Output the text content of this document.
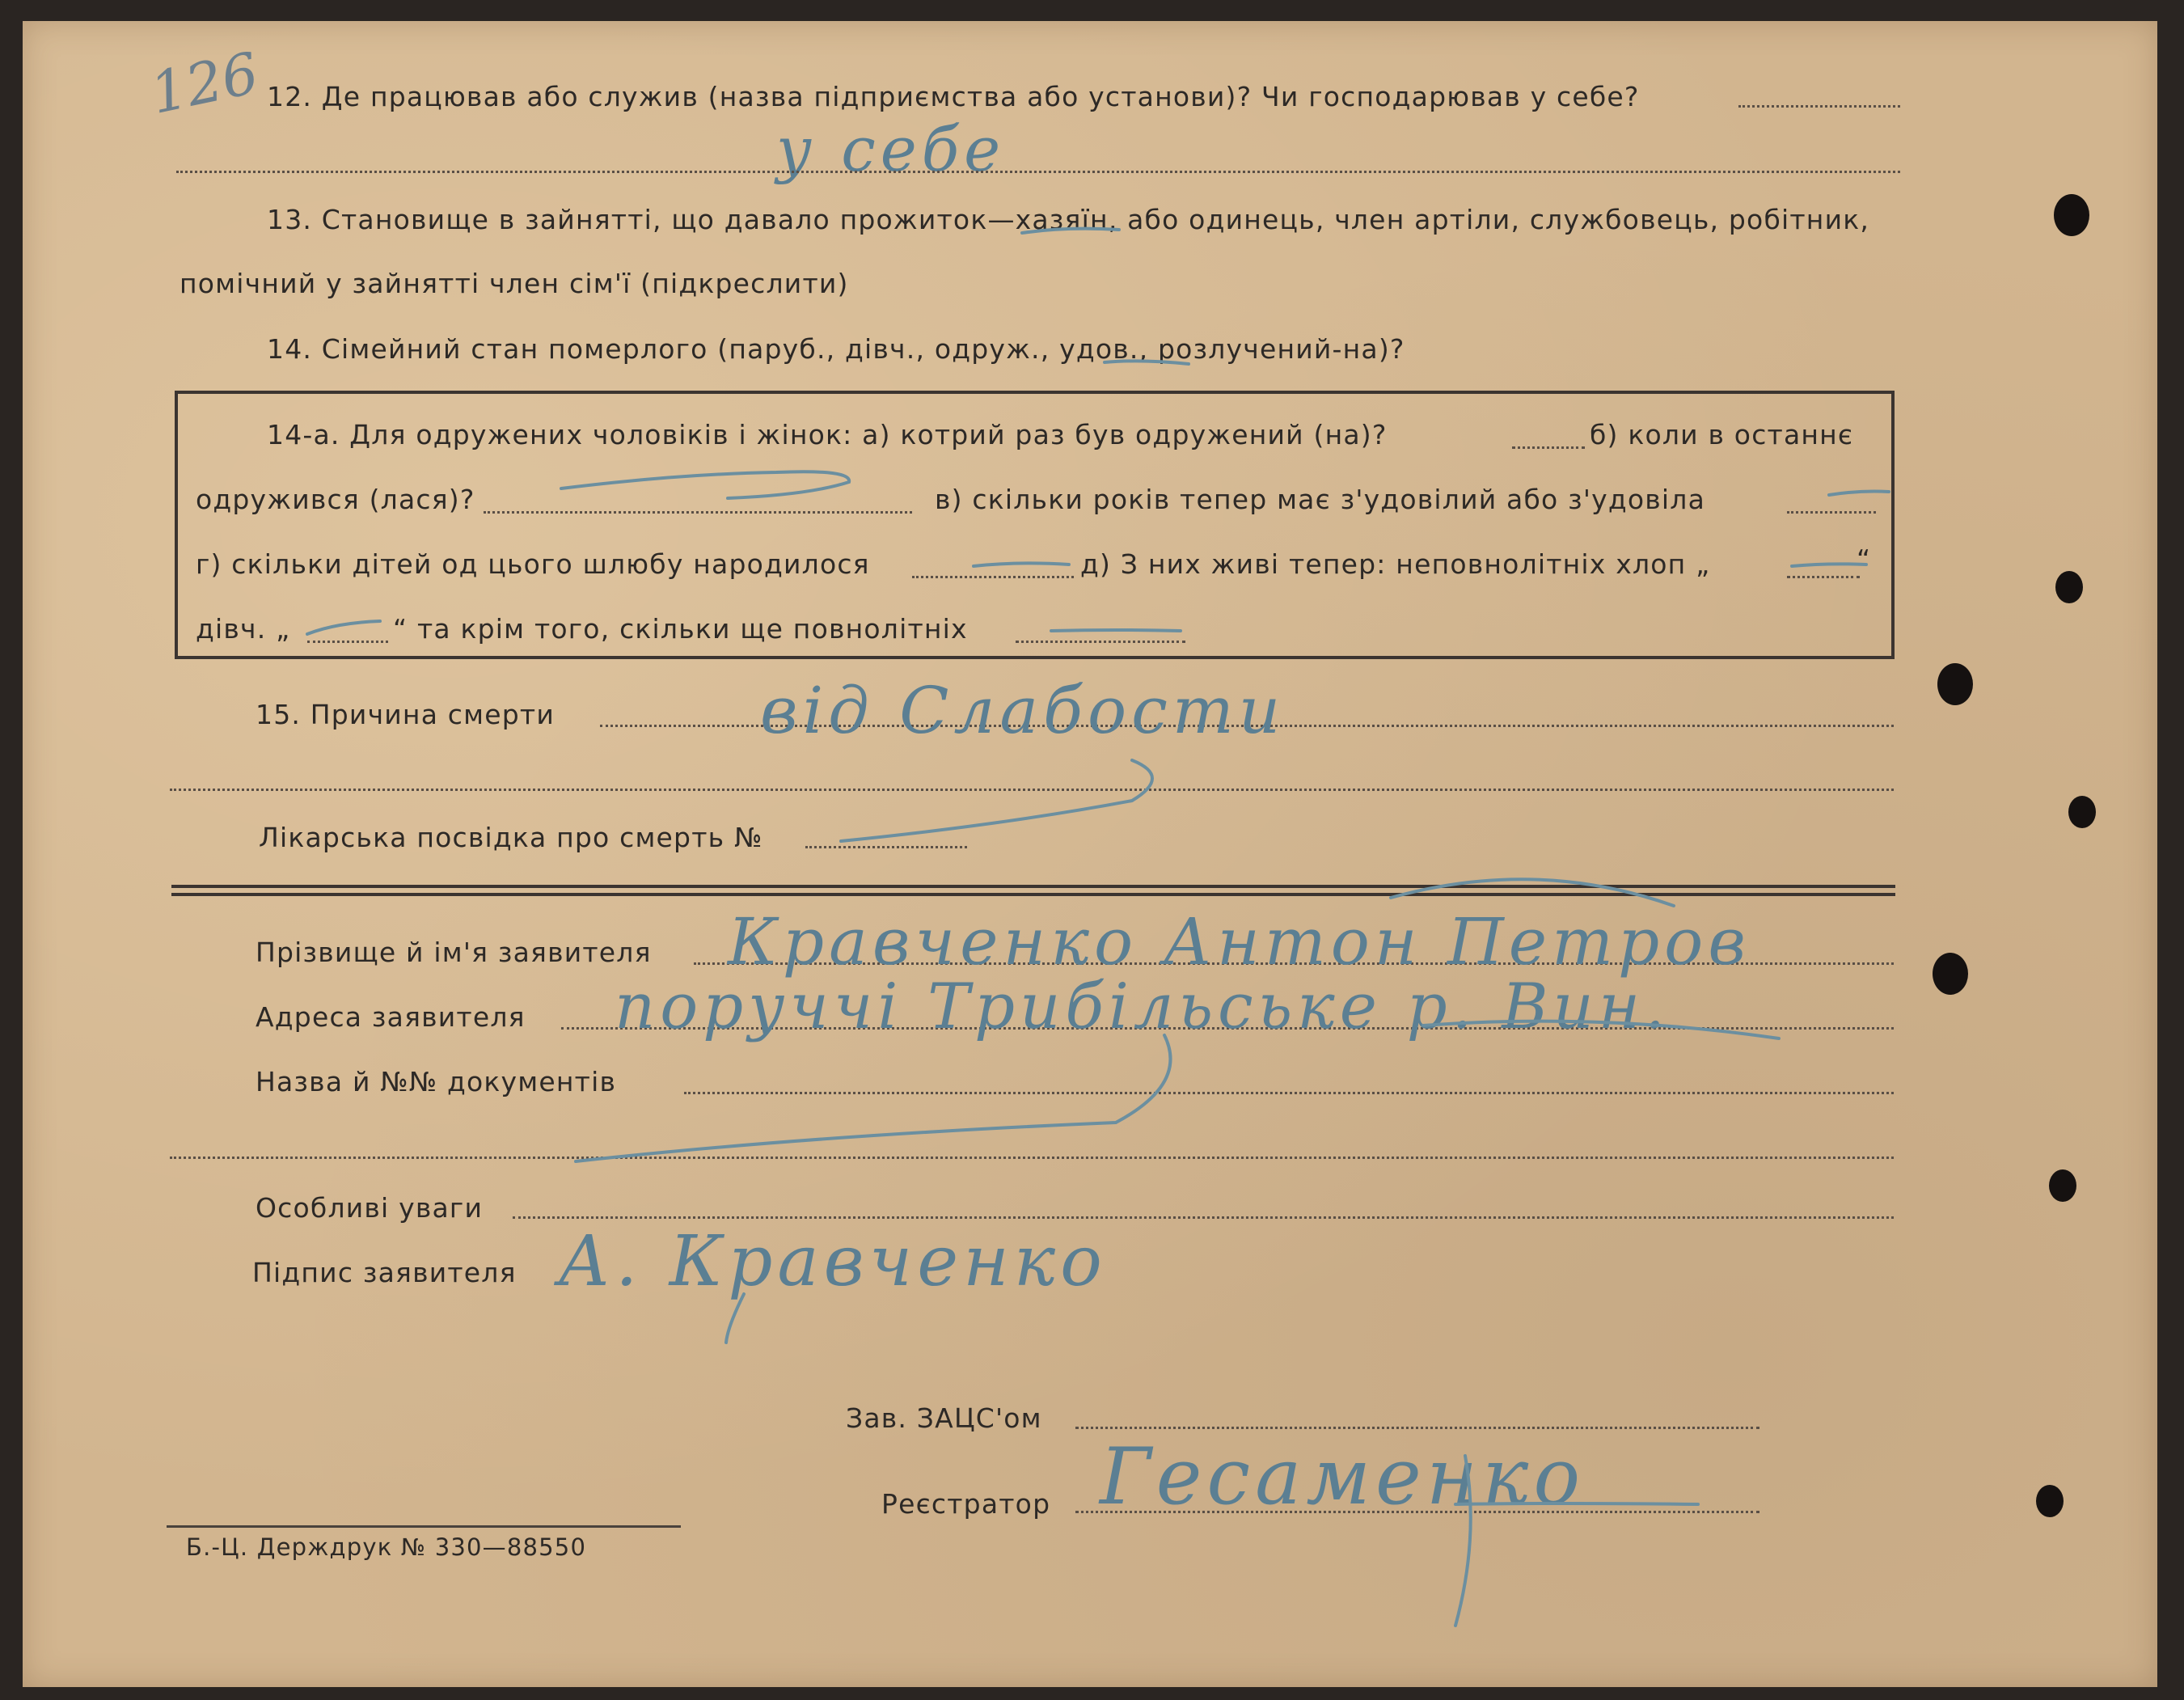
126 12. Де працював або служив (назва підприємства або установи)? Чи господарював у себе?
у себе
13. Становище в зайнятті, що давало прожиток—хазяїн, або одинець, член артіли, службовець, робітник,
помічний у зайнятті член сім'ї (підкреслити)
14. Сімейний стан померлого (паруб., дівч., одруж., удов., розлучений-на)?
14-а. Для одружених чоловіків і жінок: а) котрий раз був одружений (на)?	б) коли в останнє
одружився (лася)?	в) скільки років тепер має з'удовілий або з'удовіла
г) скільки дітей од цього шлюбу народилося	д) З них живі тепер: неповнолітніх хлоп „	“
дівч. „	“ та крім того, скільки ще повнолітніх
15. Причина смерти	від Слабости
Лікарська посвідка про смерть №
Прізвище й ім'я заявителя Кравченко Антон Петров
Адреса заявителя поруччі Трибільське р. Вин.
Назва й №№ документів
Особливі уваги
Підпис заявителя А. Кравченко
Зав. ЗАЦС'ом
Реєстратор Гесаменко
Б.-Ц. Держдрук № 330—88550
